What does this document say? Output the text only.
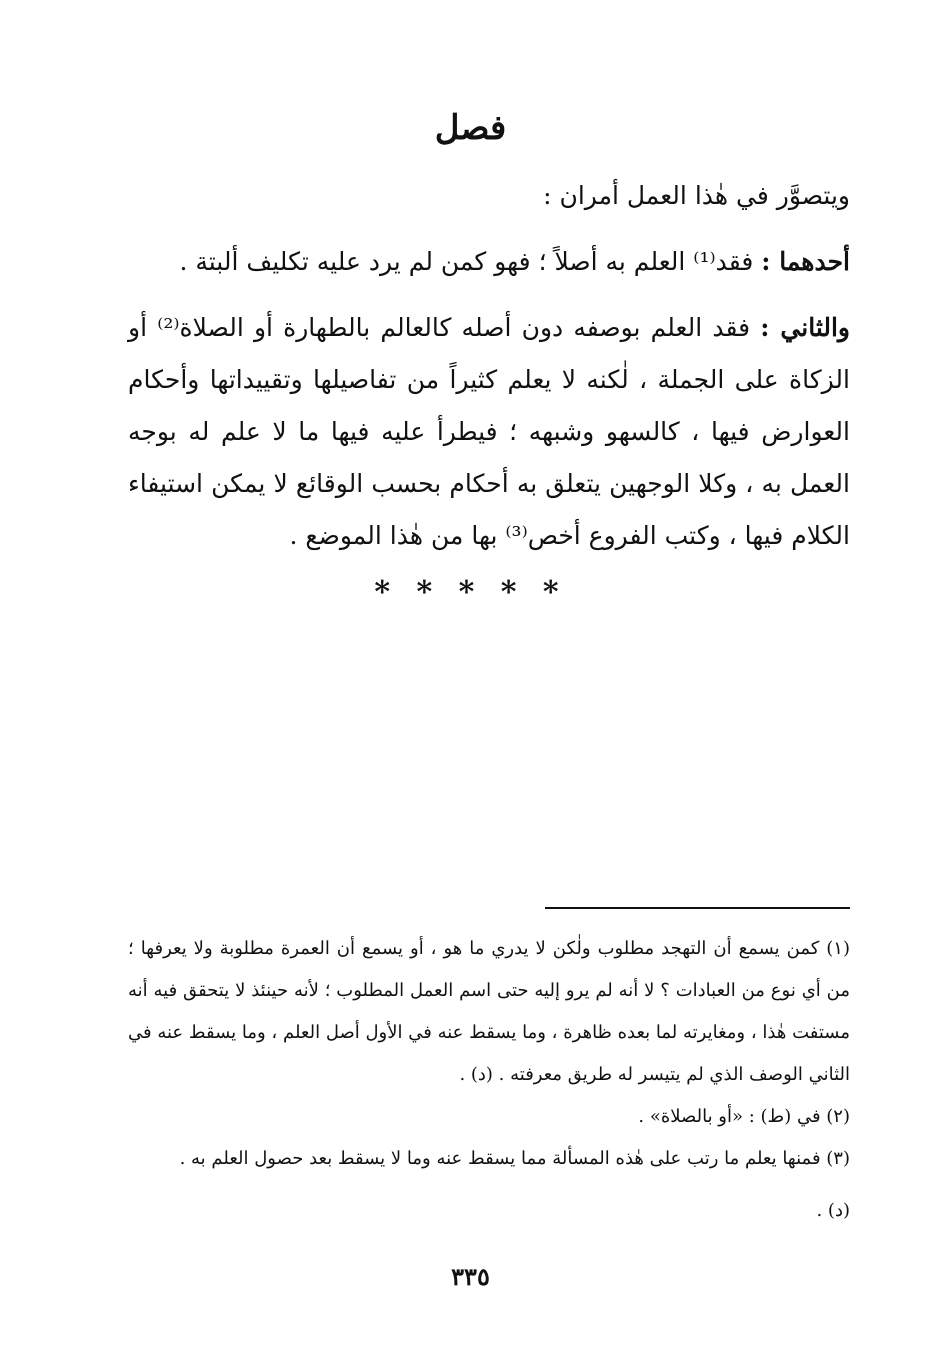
فصل

ويتصوَّر في هٰذا العمل أمران :

أحدهما : فقد⁽¹⁾ العلم به أصلاً ؛ فهو كمن لم يرد عليه تكليف ألبتة .

والثاني : فقد العلم بوصفه دون أصله كالعالم بالطهارة أو الصلاة⁽²⁾ أو الزكاة على الجملة ، لٰكنه لا يعلم كثيراً من تفاصيلها وتقييداتها وأحكام العوارض فيها ، كالسهو وشبهه ؛ فيطرأ عليه فيها ما لا علم له بوجه العمل به ، وكلا الوجهين يتعلق به أحكام بحسب الوقائع لا يمكن استيفاء الكلام فيها ، وكتب الفروع أخص⁽³⁾ بها من هٰذا الموضع .

* * * * *

(١) كمن يسمع أن التهجد مطلوب ولٰكن لا يدري ما هو ، أو يسمع أن العمرة مطلوبة ولا يعرفها ؛ من أي نوع من العبادات ؟ لا أنه لم يرو إليه حتى اسم العمل المطلوب ؛ لأنه حينئذ لا يتحقق فيه أنه مستفت هٰذا ، ومغايرته لما بعده ظاهرة ، وما يسقط عنه في الأول أصل العلم ، وما يسقط عنه في الثاني الوصف الذي لم يتيسر له طريق معرفته . (د) .

(٢) في (ط) : «أو بالصلاة» .

(٣) فمنها يعلم ما رتب على هٰذه المسألة مما يسقط عنه وما لا يسقط بعد حصول العلم به .

(د) .

٣٣٥
